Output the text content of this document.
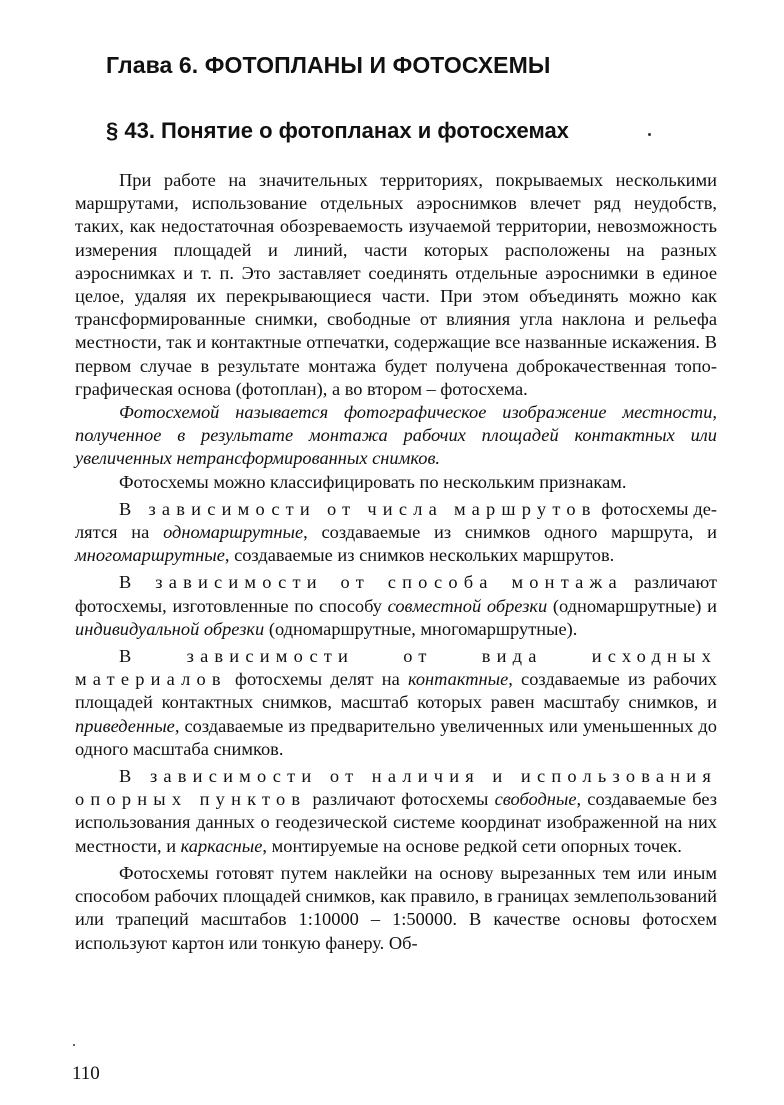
Глава 6. ФОТОПЛАНЫ И ФОТОСХЕМЫ
§ 43. Понятие о фотопланах и фотосхемах

При работе на значительных территориях, покрываемых несколькими маршрутами, использование отдельных аэроснимков влечет ряд неудобств, таких, как недостаточная обозреваемость изучаемой территории, невозможность измерения площадей и линий, части которых расположены на разных аэроснимках и т. п. Это заставляет соединять отдельные аэроснимки в единое целое, удаляя их перекрывающиеся части. При этом объединять можно как трансформированные снимки, свободные от влияния угла наклона и рельефа местности, так и контактные отпечатки, содержащие все названные искажения. В первом случае в результате монтажа будет получена доброкачественная топографическая основа (фотоплан), а во втором – фотосхема.

Фотосхемой называется фотографическое изображение местности, полученное в результате монтажа рабочих площадей контактных или увеличенных нетрансформированных снимков.

Фотосхемы можно классифицировать по нескольким признакам.

В зависимости от числа маршрутов фотосхемы делятся на одномаршрутные, создаваемые из снимков одного маршрута, и многомаршрутные, создаваемые из снимков нескольких маршрутов.

В зависимости от способа монтажа различают фотосхемы, изготовленные по способу совместной обрезки (одномаршрутные) и индивидуальной обрезки (одномаршрутные, многомаршрутные).

В зависимости от вида исходных материалов фотосхемы делят на контактные, создаваемые из рабочих площадей контактных снимков, масштаб которых равен масштабу снимков, и приведенные, создаваемые из предварительно увеличенных или уменьшенных до одного масштаба снимков.

В зависимости от наличия и использования опорных пунктов различают фотосхемы свободные, создаваемые без использования данных о геодезической системе координат изображенной на них местности, и каркасные, монтируемые на основе редкой сети опорных точек.

Фотосхемы готовят путем наклейки на основу вырезанных тем или иным способом рабочих площадей снимков, как правило, в границах землепользований или трапеций масштабов 1:10000 – 1:50000. В качестве основы фотосхем используют картон или тонкую фанеру. Об-

110
